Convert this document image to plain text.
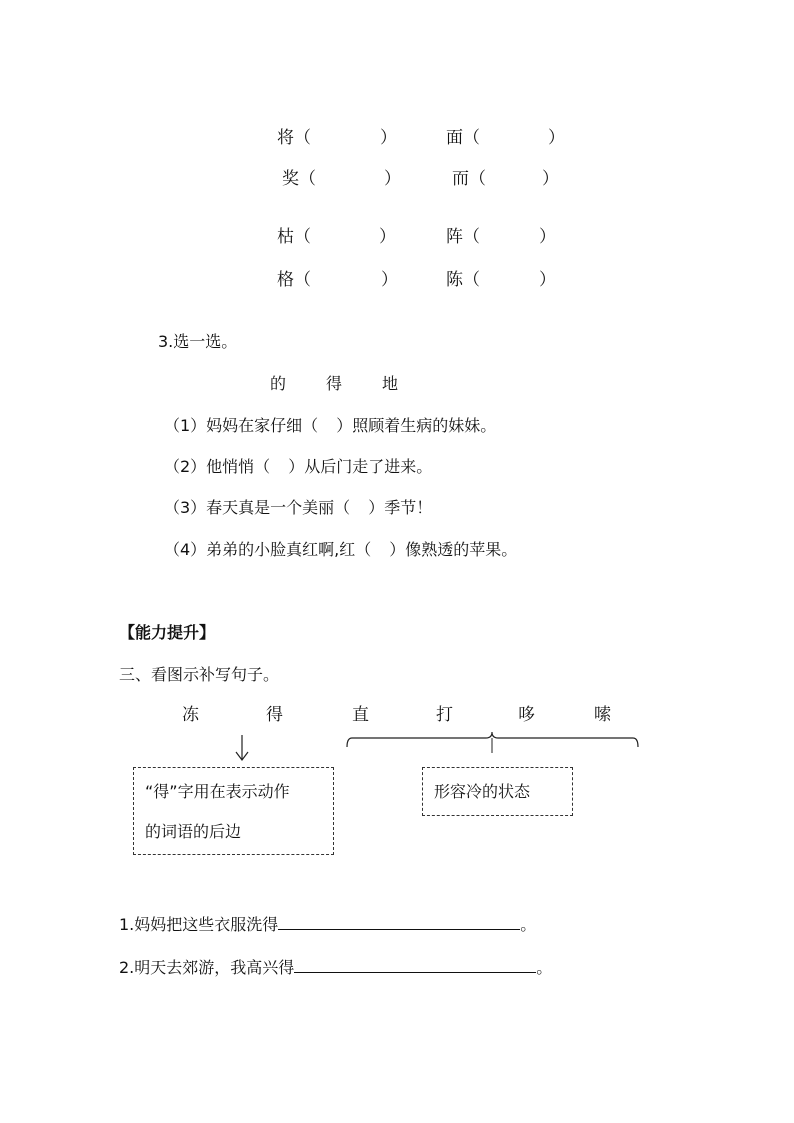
将（	）	面（	）
奖（	）	而（	）
枯（	）	阵（	）
格（	）	陈（	）
3.选一选。
的 得 地
（1）妈妈在家仔细（ ）照顾着生病的妹妹。
（2）他悄悄（ ）从后门走了进来。
（3）春天真是一个美丽（ ）季节！
（4）弟弟的小脸真红啊,红（ ）像熟透的苹果。
【能力提升】
三、看图示补写句子。
冻	得	直	打	哆	嗦
“得”字用在表示动作
的词语的后边
形容冷的状态
1.妈妈把这些衣服洗得	。
2.明天去郊游，我高兴得	。
